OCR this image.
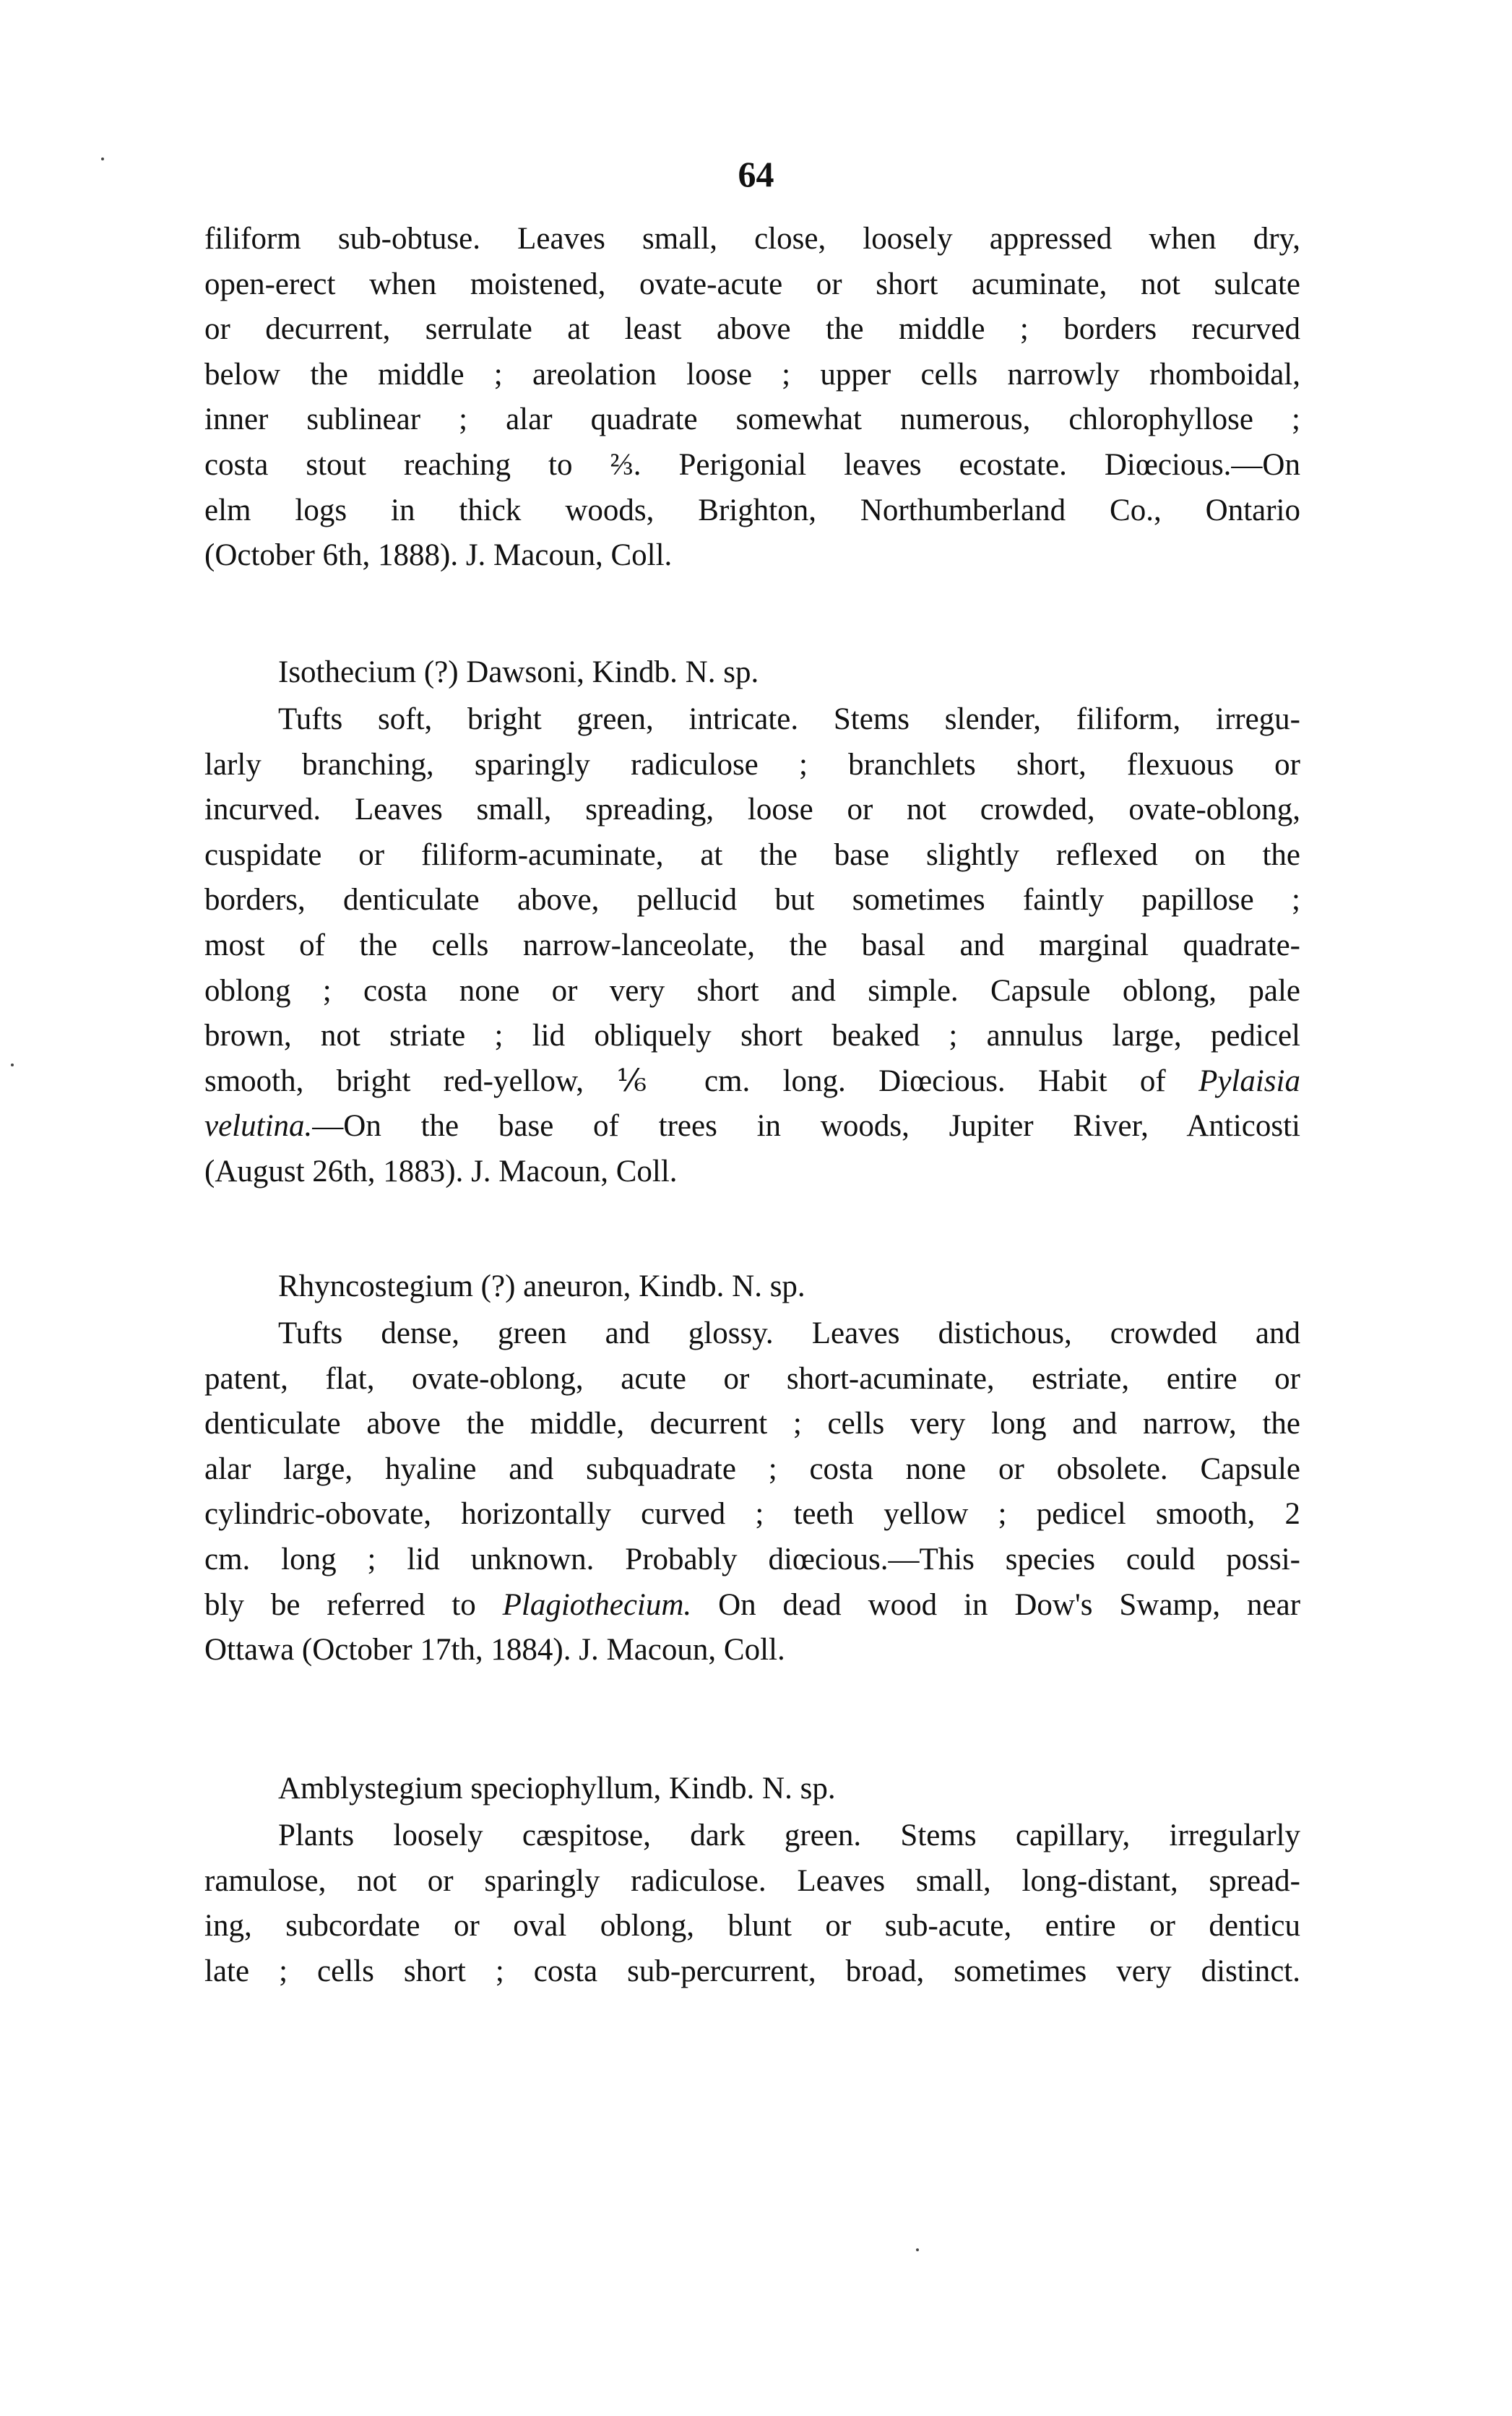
64
filiform sub-obtuse. Leaves small, close, loosely appressed when dry,
open-erect when moistened, ovate-acute or short acuminate, not sulcate
or decurrent, serrulate at least above the middle ; borders recurved
below the middle ; areolation loose ; upper cells narrowly rhomboidal,
inner sublinear ; alar quadrate somewhat numerous, chlorophyllose ;
costa stout reaching to ⅔. Perigonial leaves ecostate. Diœcious.—On
elm logs in thick woods, Brighton, Northumberland Co., Ontario
(October 6th, 1888). J. Macoun, Coll.
Isothecium (?) Dawsoni, Kindb. N. sp.
Tufts soft, bright green, intricate. Stems slender, filiform, irregu-
larly branching, sparingly radiculose ; branchlets short, flexuous or
incurved. Leaves small, spreading, loose or not crowded, ovate-oblong,
cuspidate or filiform-acuminate, at the base slightly reflexed on the
borders, denticulate above, pellucid but sometimes faintly papillose ;
most of the cells narrow-lanceolate, the basal and marginal quadrate-
oblong ; costa none or very short and simple. Capsule oblong, pale
brown, not striate ; lid obliquely short beaked ; annulus large, pedicel
smooth, bright red-yellow, ⅙ cm. long. Diœcious. Habit of Pylaisia
velutina.—On the base of trees in woods, Jupiter River, Anticosti
(August 26th, 1883). J. Macoun, Coll.
Rhyncostegium (?) aneuron, Kindb. N. sp.
Tufts dense, green and glossy. Leaves distichous, crowded and
patent, flat, ovate-oblong, acute or short-acuminate, estriate, entire or
denticulate above the middle, decurrent ; cells very long and narrow, the
alar large, hyaline and subquadrate ; costa none or obsolete. Capsule
cylindric-obovate, horizontally curved ; teeth yellow ; pedicel smooth, 2
cm. long ; lid unknown. Probably diœcious.—This species could possi-
bly be referred to Plagiothecium. On dead wood in Dow's Swamp, near
Ottawa (October 17th, 1884). J. Macoun, Coll.
Amblystegium speciophyllum, Kindb. N. sp.
Plants loosely cæspitose, dark green. Stems capillary, irregularly
ramulose, not or sparingly radiculose. Leaves small, long-distant, spread-
ing, subcordate or oval oblong, blunt or sub-acute, entire or denticu
late ; cells short ; costa sub-percurrent, broad, sometimes very distinct.
